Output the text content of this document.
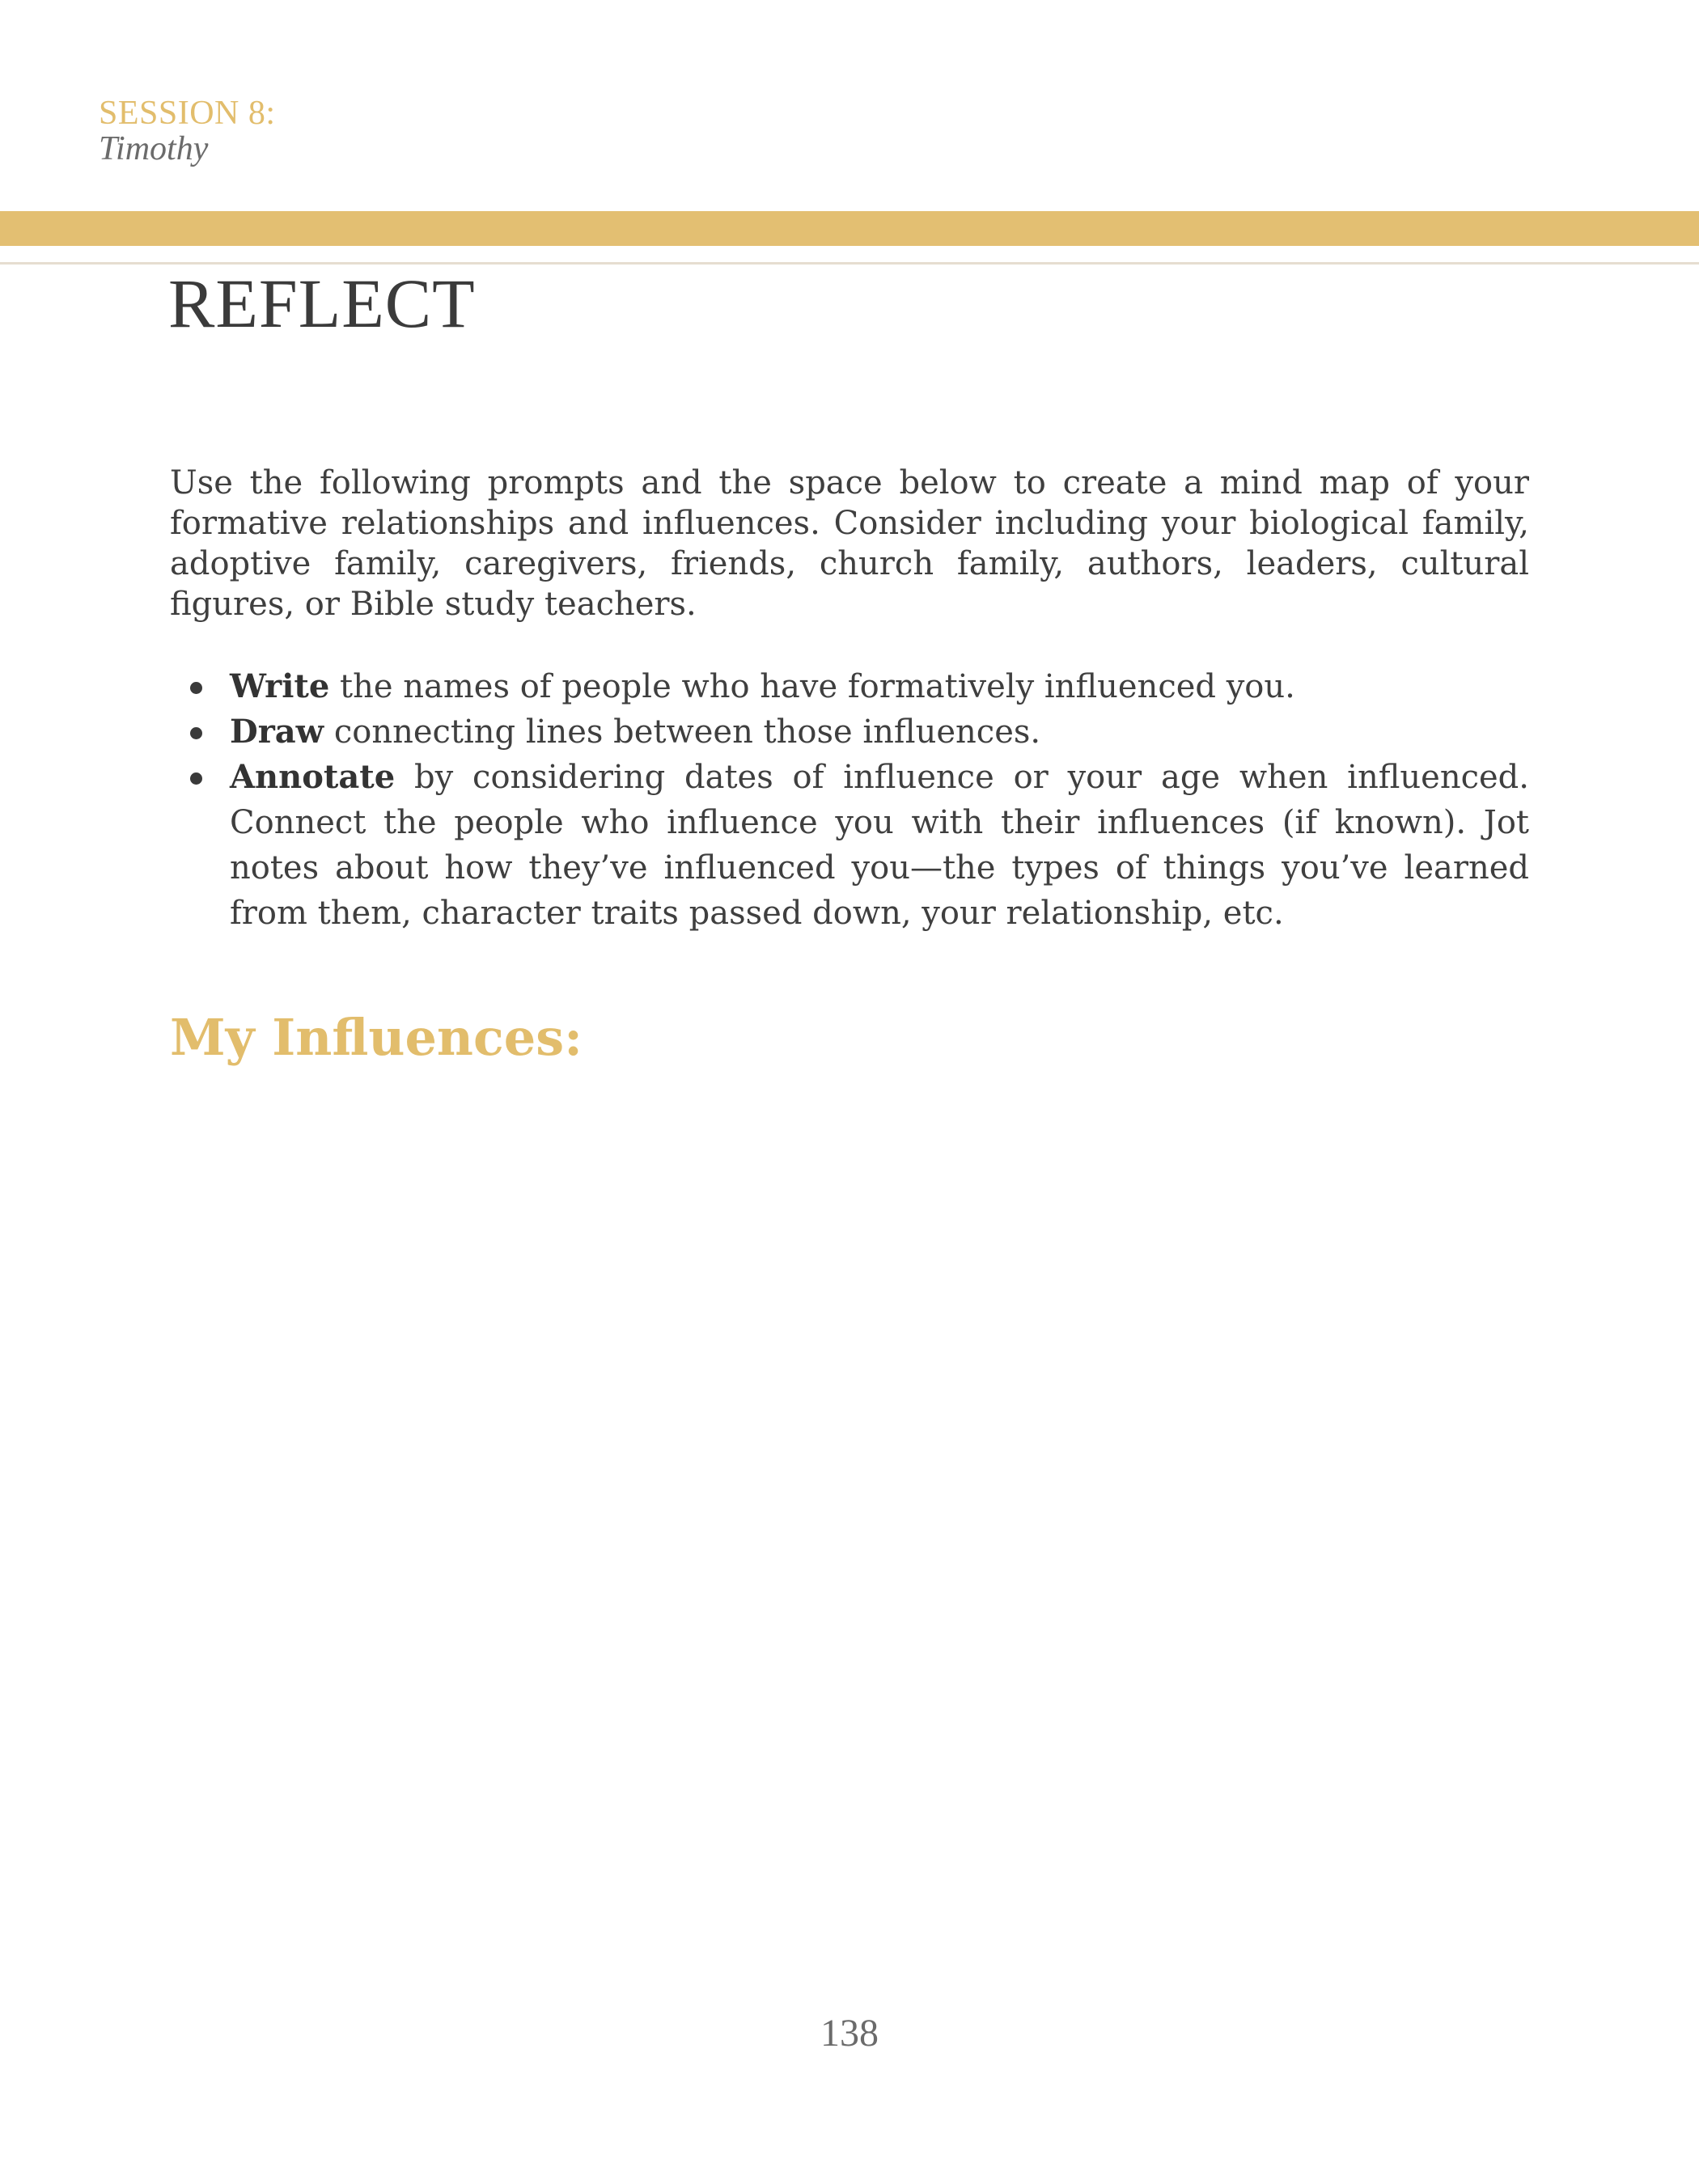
SESSION 8:
Timothy
REFLECT

Use the following prompts and the space below to create a mind map of your formative relationships and influences. Consider including your biological family, adoptive family, caregivers, friends, church family, authors, leaders, cultural figures, or Bible study teachers.

Write the names of people who have formatively influenced you.
Draw connecting lines between those influences.
Annotate by considering dates of influence or your age when influenced. Connect the people who influence you with their influences (if known). Jot notes about how they’ve influenced you—the types of things you’ve learned from them, character traits passed down, your relationship, etc.
My Influences:
138
